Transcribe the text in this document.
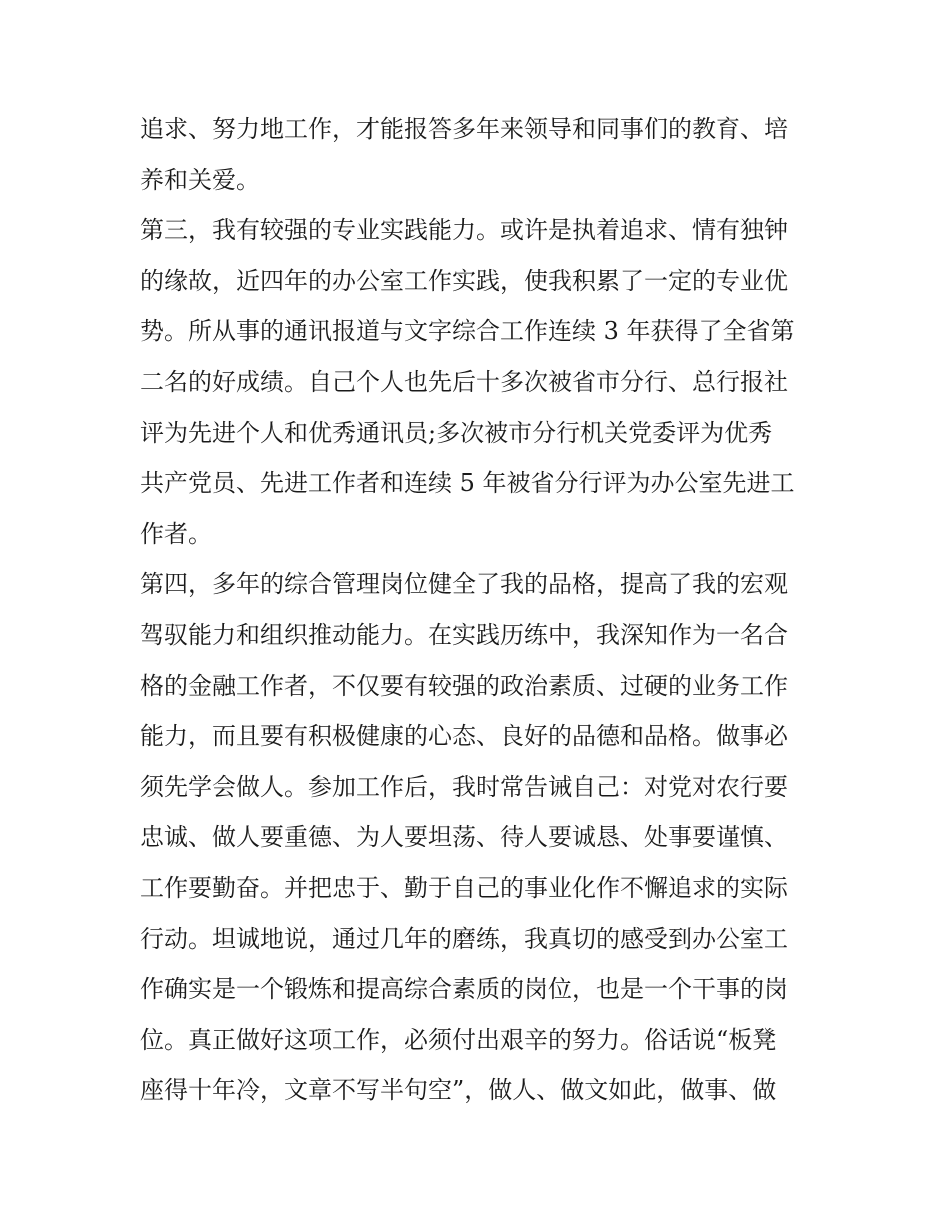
追求、努力地工作，才能报答多年来领导和同事们的教育、培
养和关爱。
第三，我有较强的专业实践能力。或许是执着追求、情有独钟
的缘故，近四年的办公室工作实践，使我积累了一定的专业优
势。所从事的通讯报道与文字综合工作连续 3 年获得了全省第
二名的好成绩。自己个人也先后十多次被省市分行、总行报社
评为先进个人和优秀通讯员;多次被市分行机关党委评为优秀
共产党员、先进工作者和连续 5 年被省分行评为办公室先进工
作者。
第四，多年的综合管理岗位健全了我的品格，提高了我的宏观
驾驭能力和组织推动能力。在实践历练中，我深知作为一名合
格的金融工作者，不仅要有较强的政治素质、过硬的业务工作
能力，而且要有积极健康的心态、良好的品德和品格。做事必
须先学会做人。参加工作后，我时常告诫自己：对党对农行要
忠诚、做人要重德、为人要坦荡、待人要诚恳、处事要谨慎、
工作要勤奋。并把忠于、勤于自己的事业化作不懈追求的实际
行动。坦诚地说，通过几年的磨练，我真切的感受到办公室工
作确实是一个锻炼和提高综合素质的岗位，也是一个干事的岗
位。真正做好这项工作，必须付出艰辛的努力。俗话说“板凳
座得十年冷，文章不写半句空”，做人、做文如此，做事、做
